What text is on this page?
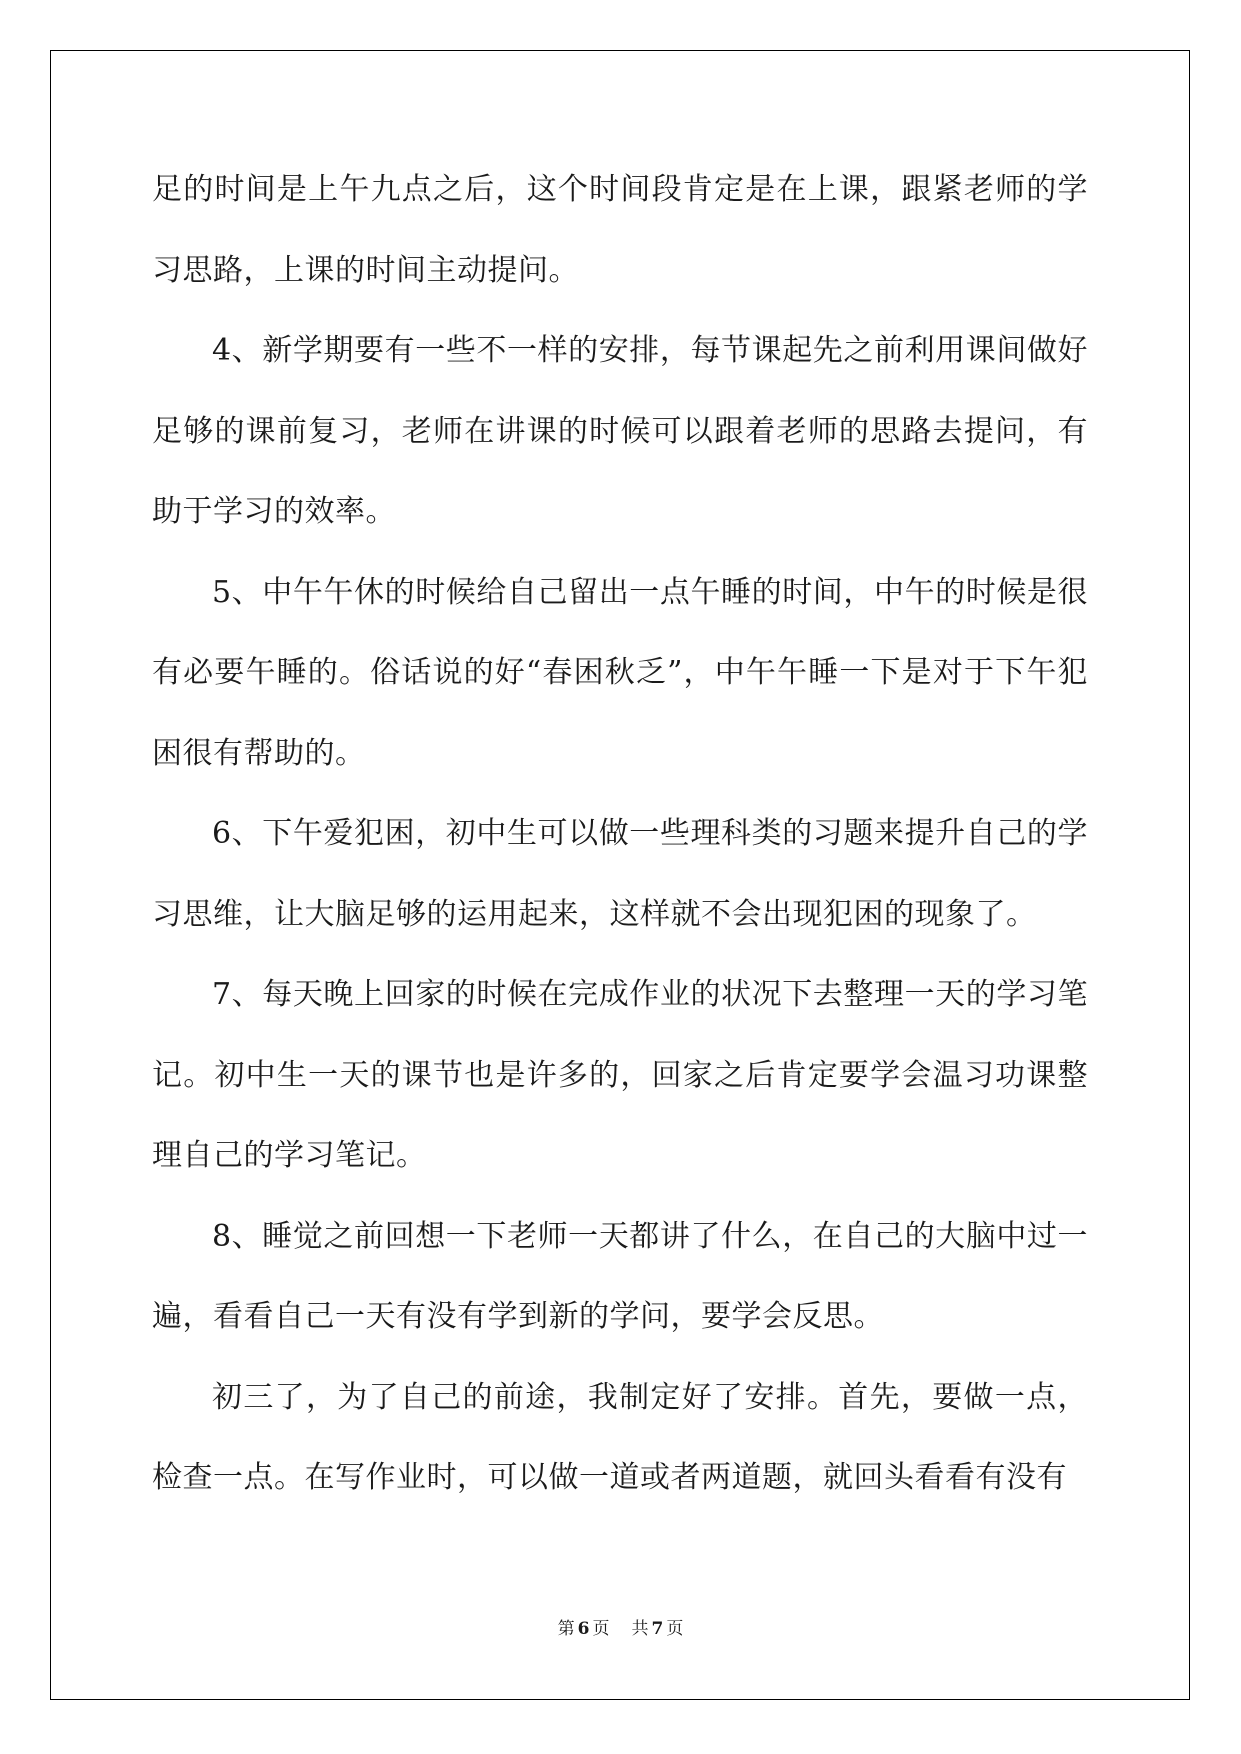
足的时间是上午九点之后，这个时间段肯定是在上课，跟紧老师的学习思路，上课的时间主动提问。

4、新学期要有一些不一样的安排，每节课起先之前利用课间做好足够的课前复习，老师在讲课的时候可以跟着老师的思路去提问，有助于学习的效率。

5、中午午休的时候给自己留出一点午睡的时间，中午的时候是很有必要午睡的。俗话说的好“春困秋乏”，中午午睡一下是对于下午犯困很有帮助的。

6、下午爱犯困，初中生可以做一些理科类的习题来提升自己的学习思维，让大脑足够的运用起来，这样就不会出现犯困的现象了。

7、每天晚上回家的时候在完成作业的状况下去整理一天的学习笔记。初中生一天的课节也是许多的，回家之后肯定要学会温习功课整理自己的学习笔记。

8、睡觉之前回想一下老师一天都讲了什么，在自己的大脑中过一遍，看看自己一天有没有学到新的学问，要学会反思。

初三了，为了自己的前途，我制定好了安排。首先，要做一点，检查一点。在写作业时，可以做一道或者两道题，就回头看看有没有

第 6 页 共 7 页
